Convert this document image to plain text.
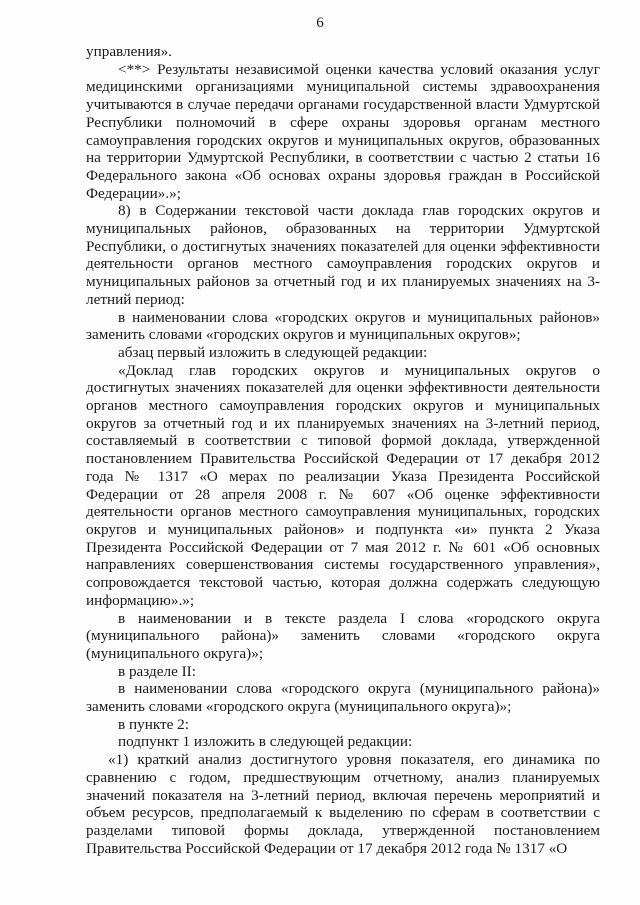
6

управления».

<**> Результаты независимой оценки качества условий оказания услуг медицинскими организациями муниципальной системы здравоохранения учитываются в случае передачи органами государственной власти Удмуртской Республики полномочий в сфере охраны здоровья органам местного самоуправления городских округов и муниципальных округов, образованных на территории Удмуртской Республики, в соответствии с частью 2 статьи 16 Федерального закона «Об основах охраны здоровья граждан в Российской Федерации».»;

8) в Содержании текстовой части доклада глав городских округов и муниципальных районов, образованных на территории Удмуртской Республики, о достигнутых значениях показателей для оценки эффективности деятельности органов местного самоуправления городских округов и муниципальных районов за отчетный год и их планируемых значениях на 3-летний период:

в наименовании слова «городских округов и муниципальных районов» заменить словами «городских округов и муниципальных округов»;

абзац первый изложить в следующей редакции:

«Доклад глав городских округов и муниципальных округов о достигнутых значениях показателей для оценки эффективности деятельности органов местного самоуправления городских округов и муниципальных округов за отчетный год и их планируемых значениях на 3-летний период, составляемый в соответствии с типовой формой доклада, утвержденной постановлением Правительства Российской Федерации от 17 декабря 2012 года № 1317 «О мерах по реализации Указа Президента Российской Федерации от 28 апреля 2008 г. № 607 «Об оценке эффективности деятельности органов местного самоуправления муниципальных, городских округов и муниципальных районов» и подпункта «и» пункта 2 Указа Президента Российской Федерации от 7 мая 2012 г. № 601 «Об основных направлениях совершенствования системы государственного управления», сопровождается текстовой частью, которая должна содержать следующую информацию».»;

в наименовании и в тексте раздела I слова «городского округа (муниципального района)» заменить словами «городского округа (муниципального округа)»;

в разделе II:

в наименовании слова «городского округа (муниципального района)» заменить словами «городского округа (муниципального округа)»;

в пункте 2:

подпункт 1 изложить в следующей редакции:

«1) краткий анализ достигнутого уровня показателя, его динамика по сравнению с годом, предшествующим отчетному, анализ планируемых значений показателя на 3-летний период, включая перечень мероприятий и объем ресурсов, предполагаемый к выделению по сферам в соответствии с разделами типовой формы доклада, утвержденной постановлением Правительства Российской Федерации от 17 декабря 2012 года № 1317 «О
